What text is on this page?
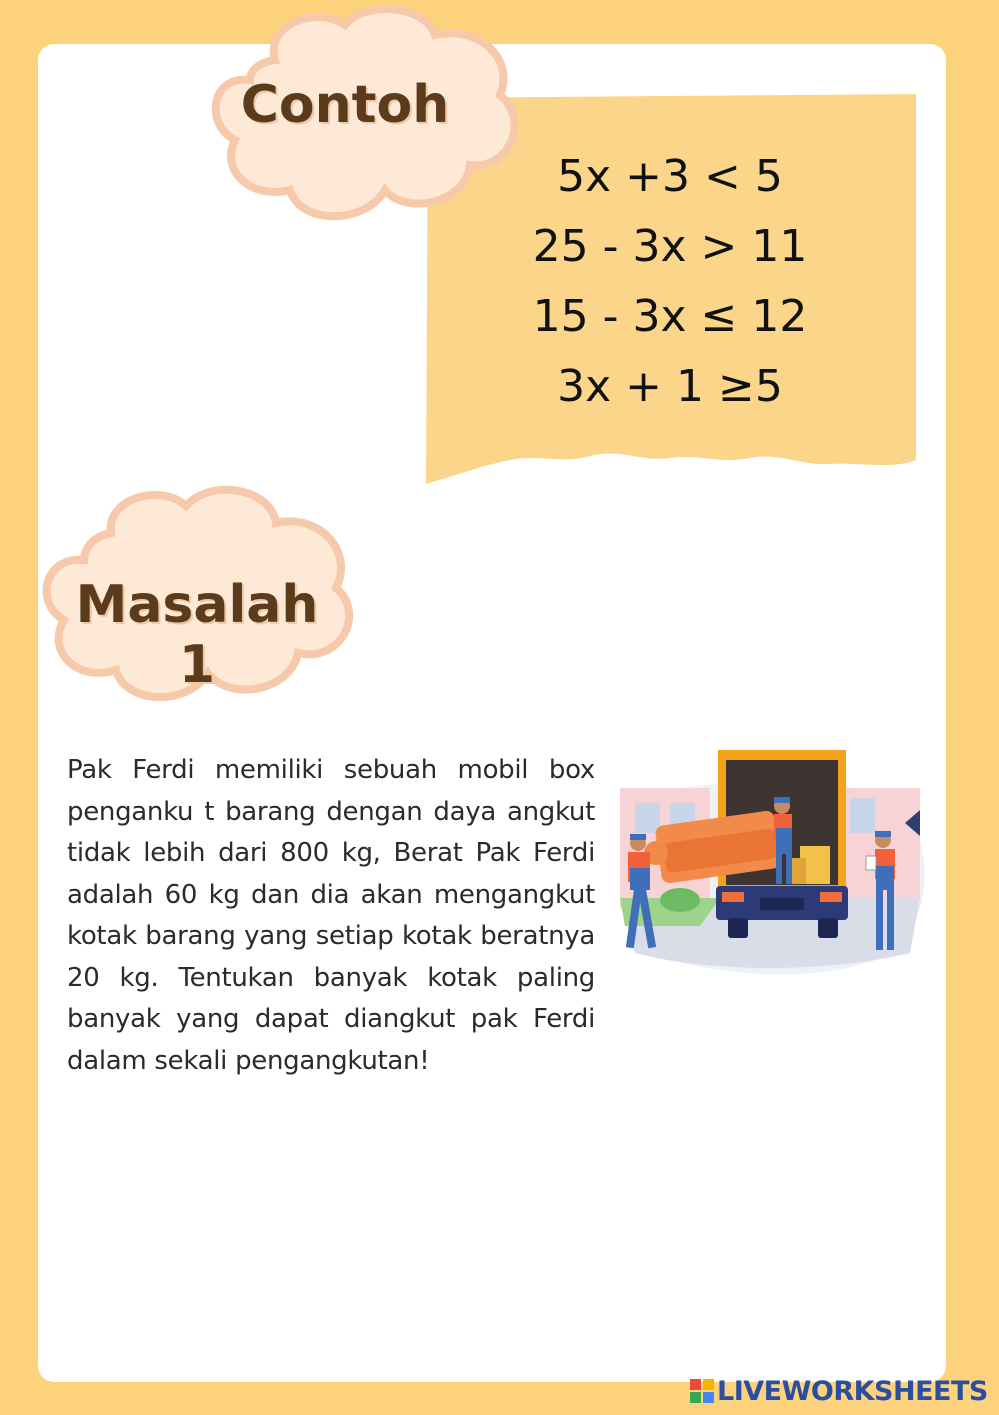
Contoh
5x +3 < 5
25 - 3x > 11
15 - 3x ≤ 12
3x + 1 ≥5
Masalah 1

Pak Ferdi memiliki sebuah mobil box penganku t barang dengan daya angkut tidak lebih dari 800 kg, Berat Pak Ferdi adalah 60 kg dan dia akan mengangkut kotak barang yang setiap kotak beratnya 20 kg. Tentukan banyak kotak paling banyak yang dapat diangkut pak Ferdi dalam sekali pengangkutan!

LIVEWORKSHEETS
